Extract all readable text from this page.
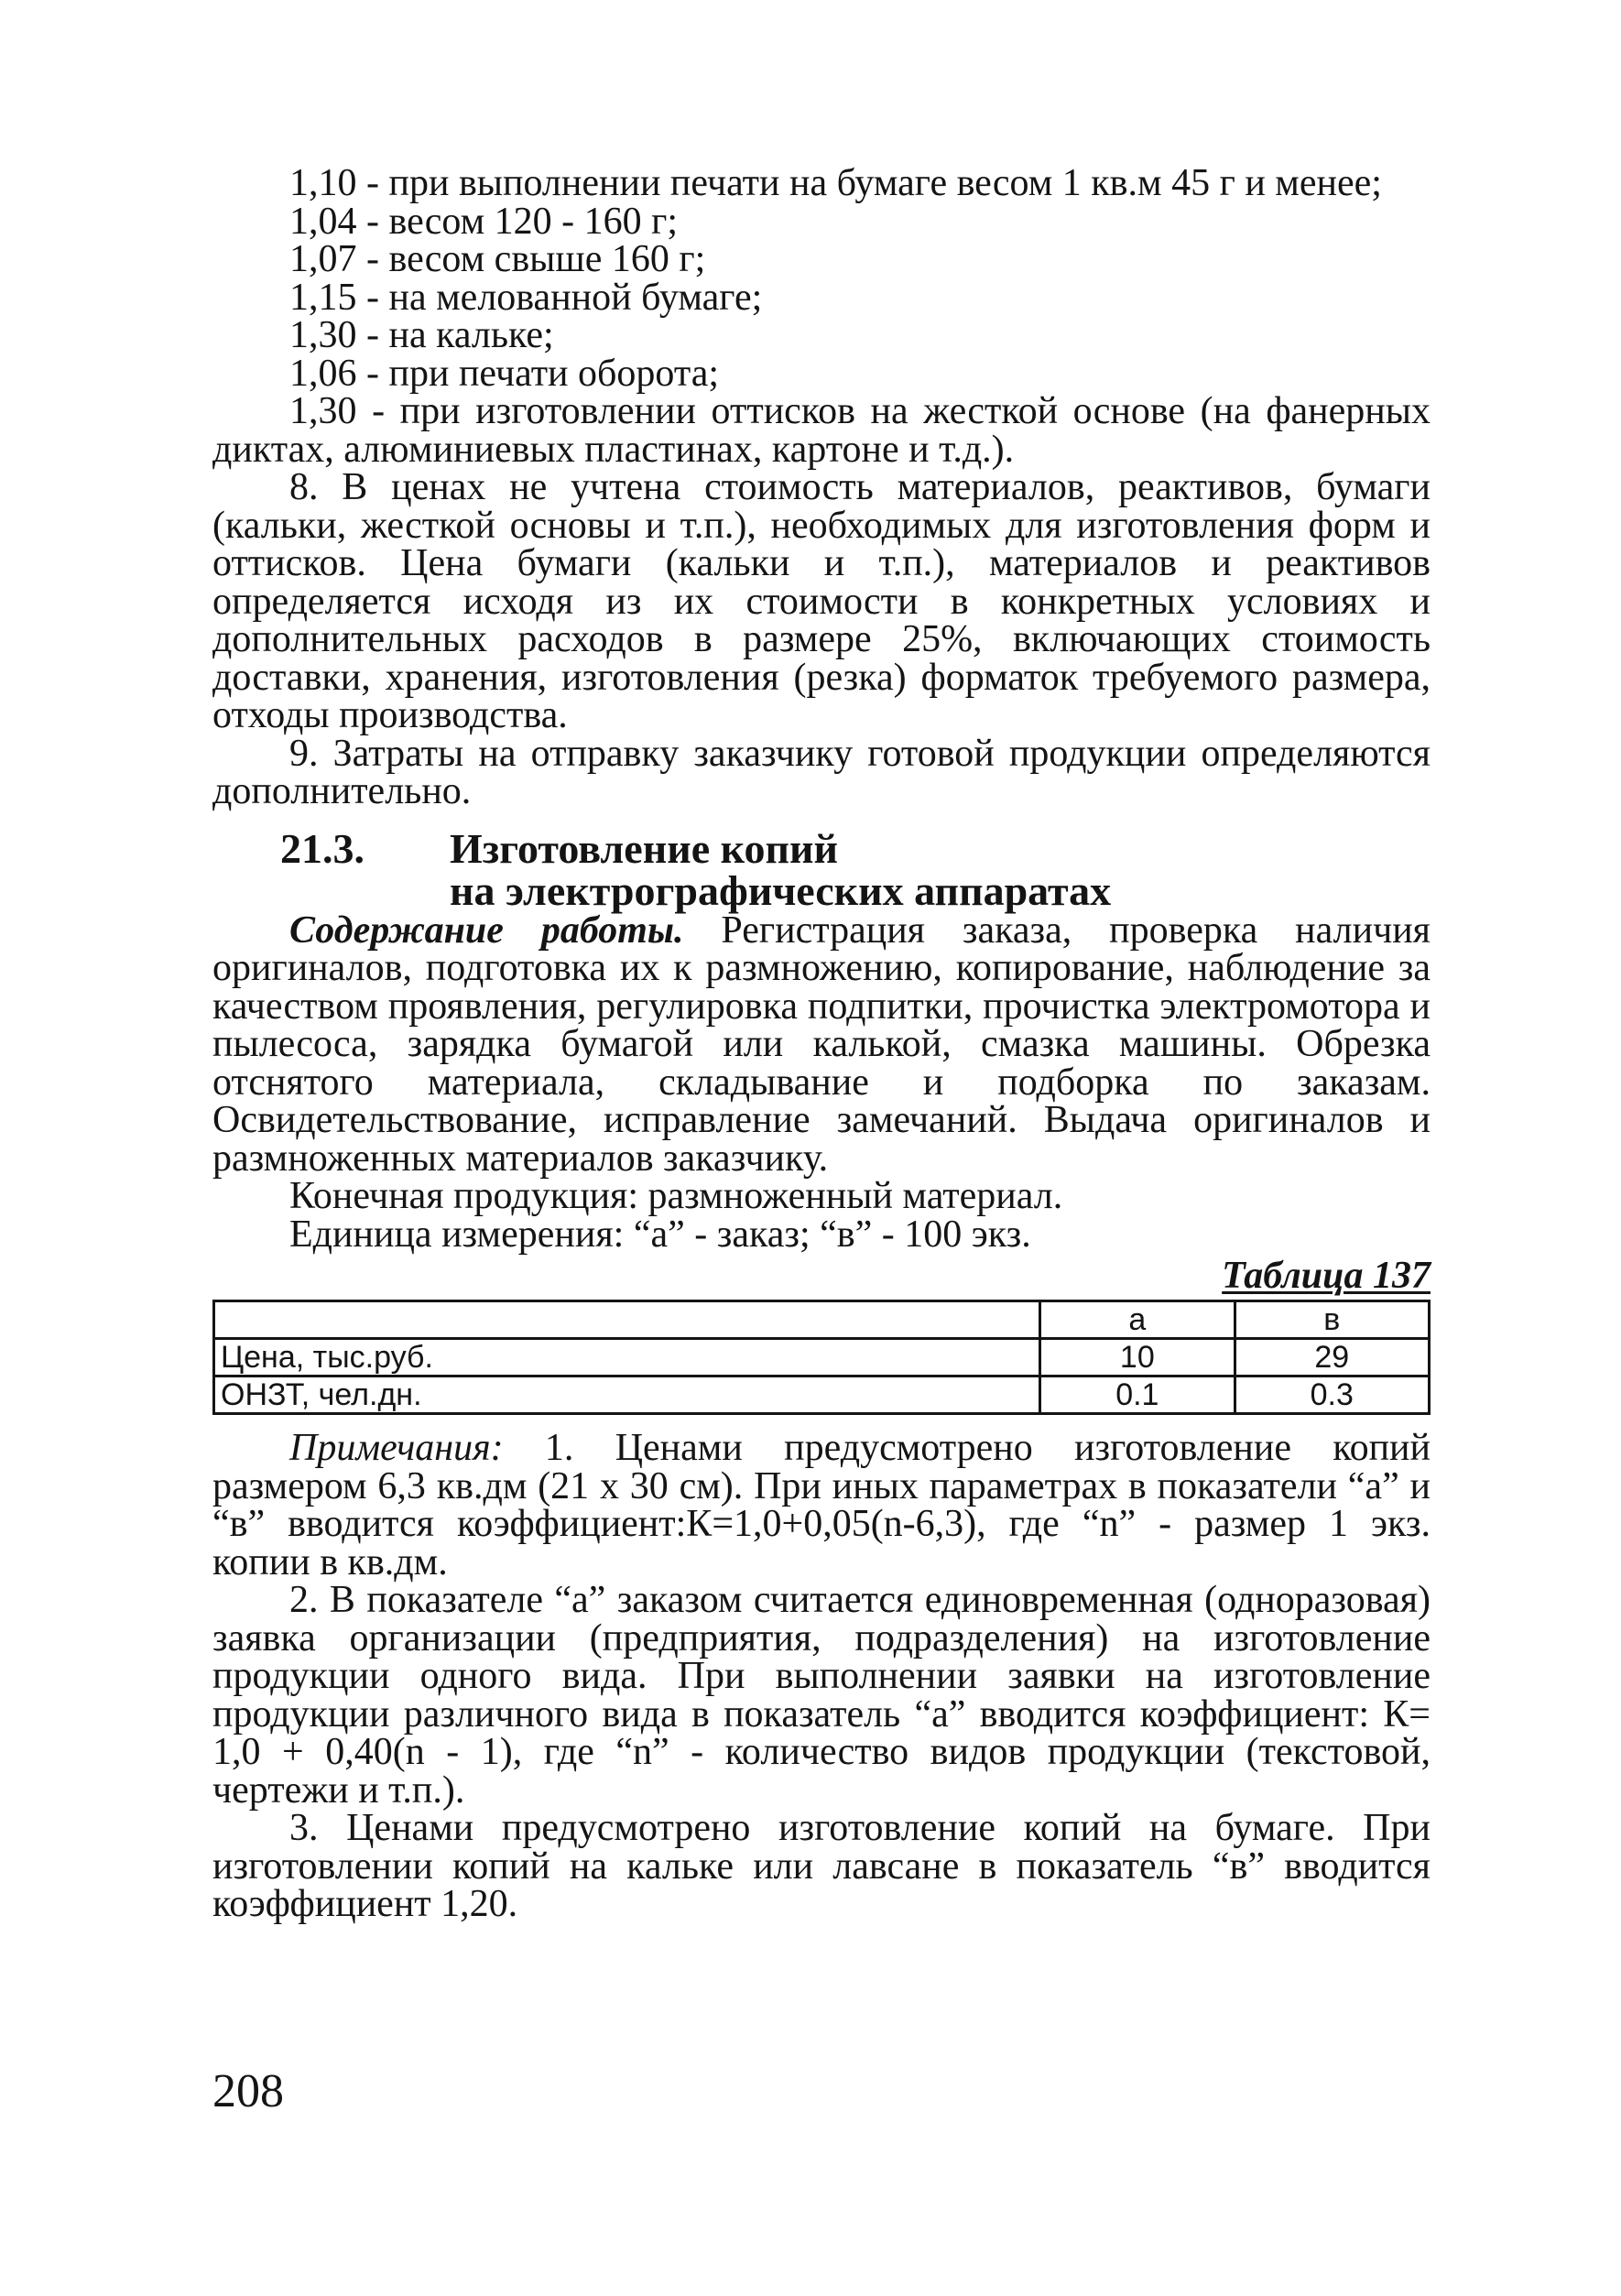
1,10 - при выполнении печати на бумаге весом 1 кв.м 45 г и менее;

1,04 - весом 120 - 160 г;

1,07 - весом свыше 160 г;

1,15 - на мелованной бумаге;

1,30 - на кальке;

1,06 - при печати оборота;

1,30 - при изготовлении оттисков на жесткой основе (на фанерных диктах, алюминиевых пластинах, картоне и т.д.).

8. В ценах не учтена стоимость материалов, реактивов, бумаги (кальки, жесткой основы и т.п.), необходимых для изготовления форм и оттисков. Цена бумаги (кальки и т.п.), материалов и реактивов определяется исходя из их стоимости в конкретных условиях и дополнительных расходов в размере 25%, включающих стоимость доставки, хранения, изготовления (резка) форматок требуемого размера, отходы производства.

9. Затраты на отправку заказчику готовой продукции определяются дополнительно.

21.3. Изготовление копий
на электрографических аппаратах

Содержание работы. Регистрация заказа, проверка наличия оригиналов, подготовка их к размножению, копирование, наблюдение за качеством проявления, регулировка подпитки, прочистка электромотора и пылесоса, зарядка бумагой или калькой, смазка машины. Обрезка отснятого материала, складывание и подборка по заказам. Освидетельствование, исправление замечаний. Выдача оригиналов и размноженных материалов заказчику.

Конечная продукция: размноженный материал.

Единица измерения: “а” - заказ; “в” - 100 экз.

Таблица 137
	а	в
Цена, тыс.руб.	10	29
ОНЗТ, чел.дн.	0.1	0.3

Примечания: 1. Ценами предусмотрено изготовление копий размером 6,3 кв.дм (21 х 30 см). При иных параметрах в показатели “а” и “в” вводится коэффициент:К=1,0+0,05(n-6,3), где “n” - размер 1 экз. копии в кв.дм.

2. В показателе “а” заказом считается единовременная (одноразовая) заявка организации (предприятия, подразделения) на изготовление продукции одного вида. При выполнении заявки на изготовление продукции различного вида в показатель “а” вводится коэффициент: К= 1,0 + 0,40(n - 1), где “n” - количество видов продукции (текстовой, чертежи и т.п.).

3. Ценами предусмотрено изготовление копий на бумаге. При изготовлении копий на кальке или лавсане в показатель “в” вводится коэффициент 1,20.

208
